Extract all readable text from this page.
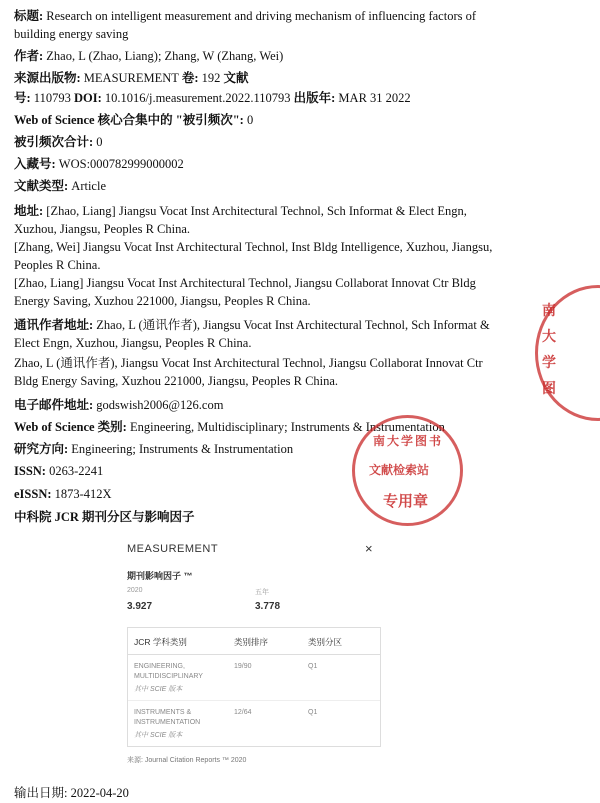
标题: Research on intelligent measurement and driving mechanism of influencing factors of
building energy saving
作者: Zhao, L (Zhao, Liang); Zhang, W (Zhang, Wei)
来源出版物: MEASUREMENT 卷: 192 文献
号: 110793 DOI: 10.1016/j.measurement.2022.110793 出版年: MAR 31 2022
Web of Science 核心合集中的 "被引频次": 0
被引频次合计: 0
入藏号: WOS:000782999000002
文献类型: Article
地址: [Zhao, Liang] Jiangsu Vocat Inst Architectural Technol, Sch Informat & Elect Engn,
Xuzhou, Jiangsu, Peoples R China.
[Zhang, Wei] Jiangsu Vocat Inst Architectural Technol, Inst Bldg Intelligence, Xuzhou, Jiangsu,
Peoples R China.
[Zhao, Liang] Jiangsu Vocat Inst Architectural Technol, Jiangsu Collaborat Innovat Ctr Bldg
Energy Saving, Xuzhou 221000, Jiangsu, Peoples R China.
通讯作者地址: Zhao, L (通讯作者), Jiangsu Vocat Inst Architectural Technol, Sch Informat &
Elect Engn, Xuzhou, Jiangsu, Peoples R China.
Zhao, L (通讯作者), Jiangsu Vocat Inst Architectural Technol, Jiangsu Collaborat Innovat Ctr
Bldg Energy Saving, Xuzhou 221000, Jiangsu, Peoples R China.
电子邮件地址: godswish2006@126.com
Web of Science 类别: Engineering, Multidisciplinary; Instruments & Instrumentation
研究方向: Engineering; Instruments & Instrumentation
ISSN: 0263-2241
eISSN: 1873-412X
中科院 JCR 期刊分区与影响因子
MEASUREMENT	×
期刊影响因子 ™
2020
3.927
五年
3.778
JCR 学科类别	类别排序	类别分区
ENGINEERING,
MULTIDISCIPLINARY
其中 SCIE 版本
19/90	Q1
INSTRUMENTS &
INSTRUMENTATION
其中 SCIE 版本
12/64	Q1
来源: Journal Citation Reports ™ 2020
输出日期: 2022-04-20
南大学图书
文献检索站
专用章
南大学图
